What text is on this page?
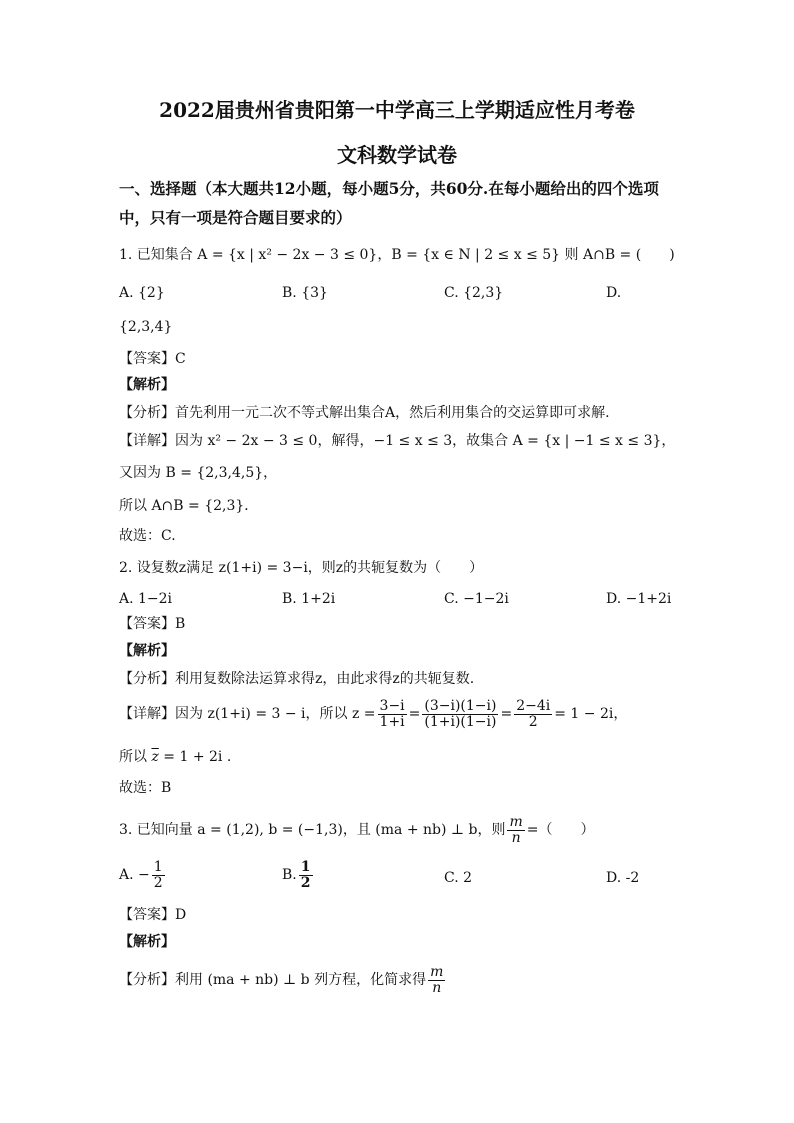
2022届贵州省贵阳第一中学高三上学期适应性月考卷
文科数学试卷
一、选择题（本大题共12小题，每小题5分，共60分.在每小题给出的四个选项
中，只有一项是符合题目要求的）
1. 已知集合 A = {x | x² − 2x − 3 ≤ 0}，B = {x ∈ N | 2 ≤ x ≤ 5} 则 A∩B = (　　)
A. {2}	B. {3}	C. {2,3}	D.
{2,3,4}
【答案】C
【解析】
【分析】首先利用一元二次不等式解出集合A，然后利用集合的交运算即可求解.
【详解】因为 x² − 2x − 3 ≤ 0，解得，−1 ≤ x ≤ 3，故集合 A = {x | −1 ≤ x ≤ 3}，
又因为 B = {2,3,4,5}，
所以 A∩B = {2,3}．
故选：C.
2. 设复数z满足 z(1+i) = 3−i，则z的共轭复数为（　　）
A. 1−2i	B. 1+2i	C. −1−2i	D. −1+2i
【答案】B
【解析】
【分析】利用复数除法运算求得z，由此求得z的共轭复数.
【详解】因为 z(1+i) = 3 − i，所以 $z = \frac{3-i}{1+i} = \frac{(3-i)(1-i)}{(1+i)(1-i)} = \frac{2-4i}{2} = 1 - 2i$，
所以 $\overline{z} = 1 + 2i$ .
故选：B
3. 已知向量 a = (1,2), b = (−1,3)，且 (ma + nb) ⊥ b，则 $\frac{m}{n}$ =（　　）
A. − $\frac{1}{2}$	B. $\frac{1}{2}$	C. 2	D. -2
【答案】D
【解析】
【分析】利用 (ma + nb) ⊥ b 列方程，化简求得 $\frac{m}{n}$
